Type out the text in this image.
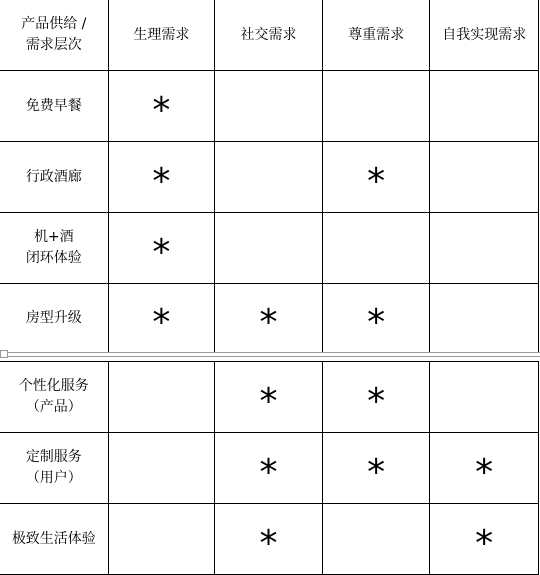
产品供给 /
需求层次	生理需求	社交需求	尊重需求	自我实现需求

免费早餐	*			

行政酒廊	*		*	

机+酒
闭环体验	*			

房型升级	*	*	*	
个性化服务
（产品）		*	*	

定制服务
（用户）		*	*	*

极致生活体验		*		*
